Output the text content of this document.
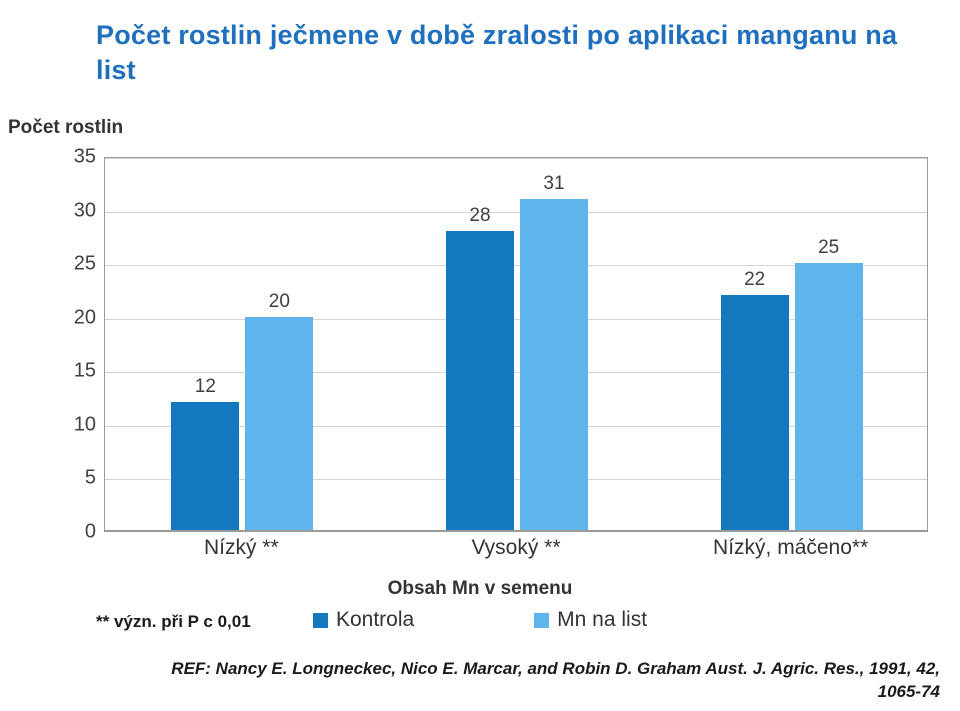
Počet rostlin ječmene v době zralosti po aplikaci manganu na list
Počet rostlin
0
5
10
15
20
25
30
35
12
20
28
31
22
25
Nízký **	Vysoký **	Nízký, máčeno**
Obsah Mn v semenu
Kontrola	Mn na list
** význ. při P c 0,01
REF: Nancy E. Longneckec, Nico E. Marcar, and Robin D. Graham Aust. J. Agric. Res., 1991, 42, 1065-74
